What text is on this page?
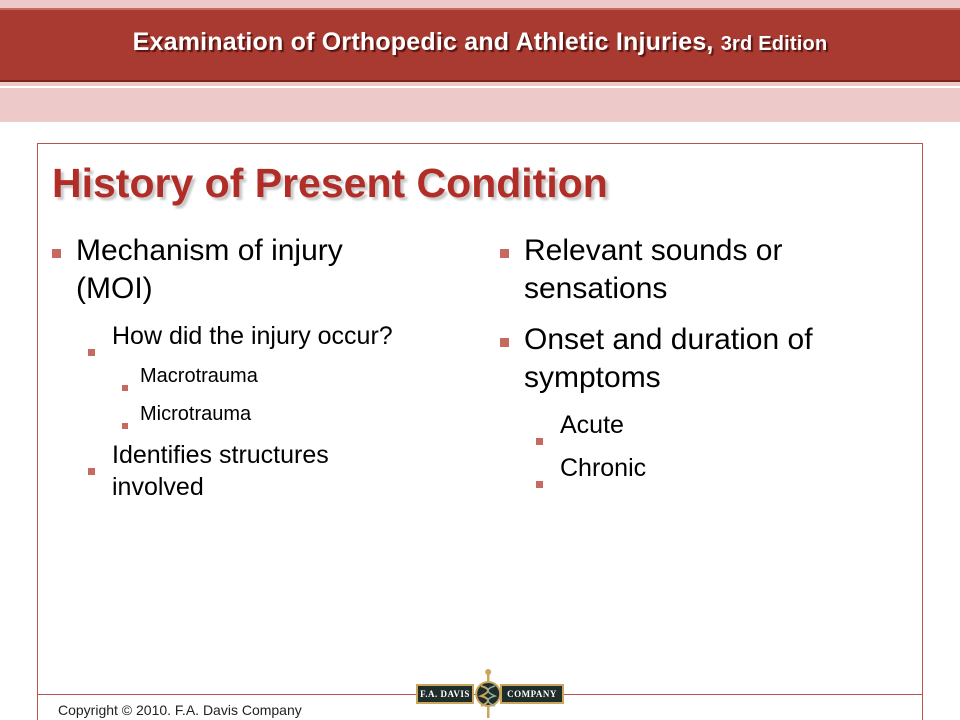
Examination of Orthopedic and Athletic Injuries, 3rd Edition
History of Present Condition
Mechanism of injury (MOI)
How did the injury occur?
Macrotrauma
Microtrauma
Identifies structures involved
Relevant sounds or sensations
Onset and duration of symptoms
Acute
Chronic
Copyright © 2010. F.A. Davis Company
F.A. DAVIS	COMPANY
